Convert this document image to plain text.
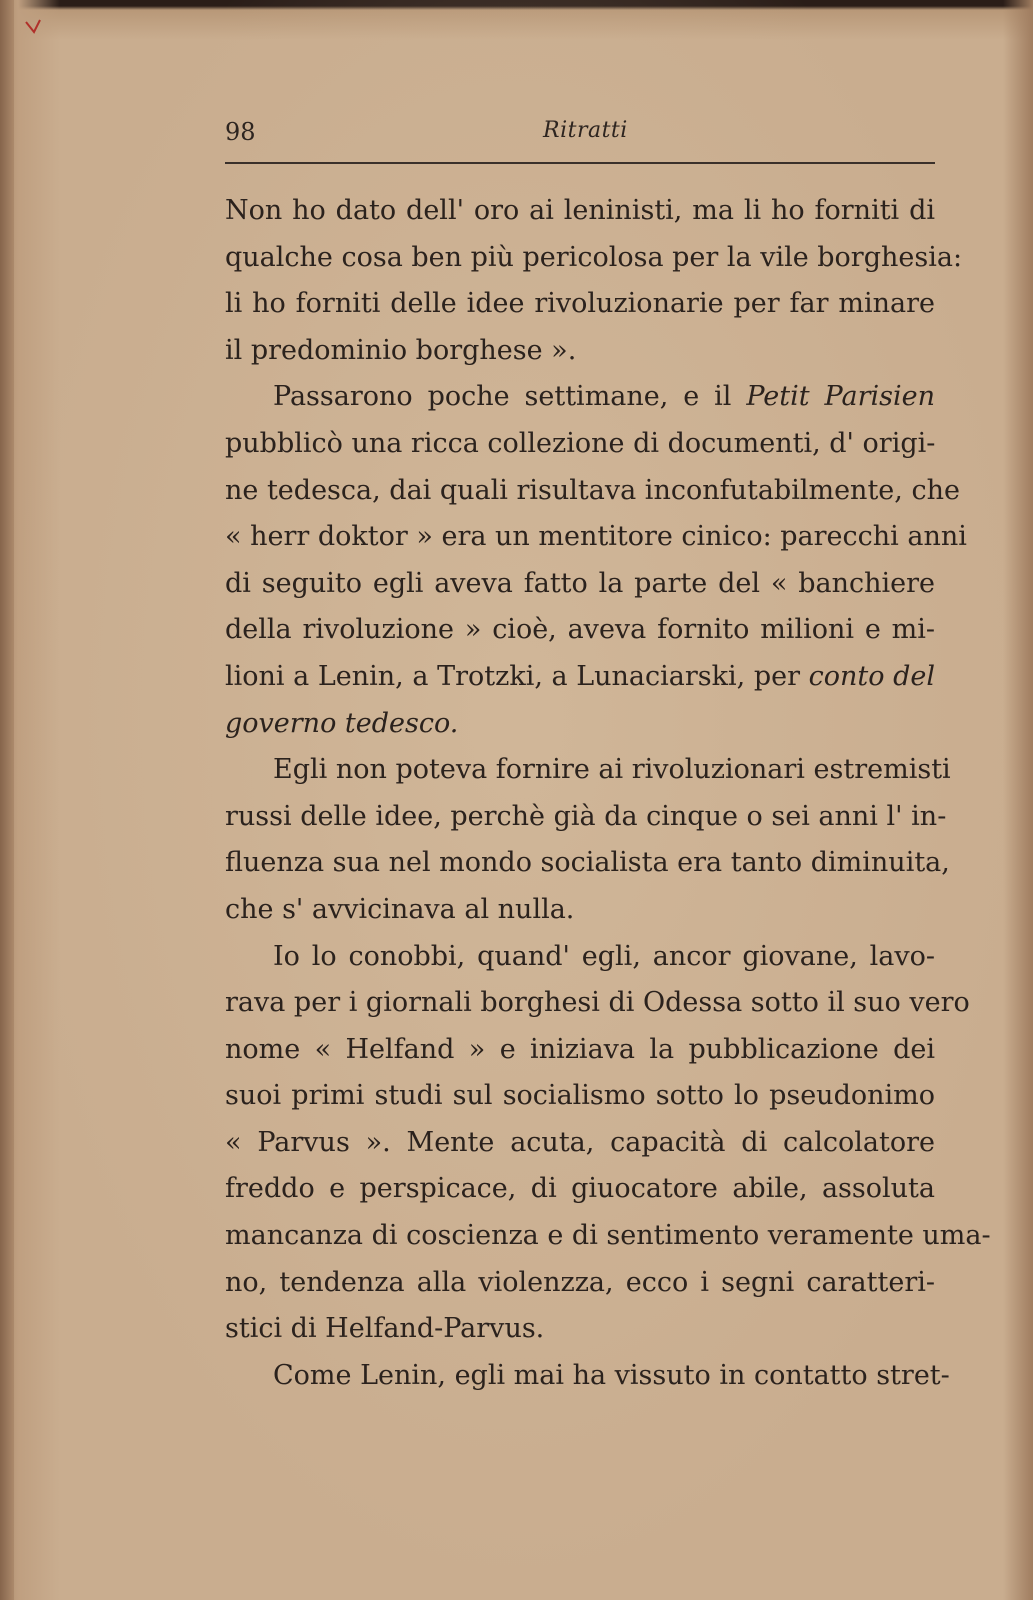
98	Ritratti
Non ho dato dell' oro ai leninisti, ma li ho forniti di
qualche cosa ben più pericolosa per la vile borghesia:
li ho forniti delle idee rivoluzionarie per far minare
il predominio borghese ».
Passarono poche settimane, e il Petit Parisien
pubblicò una ricca collezione di documenti, d' origi-
ne tedesca, dai quali risultava inconfutabilmente, che
« herr doktor » era un mentitore cinico: parecchi anni
di seguito egli aveva fatto la parte del « banchiere
della rivoluzione » cioè, aveva fornito milioni e mi-
lioni a Lenin, a Trotzki, a Lunaciarski, per conto del
governo tedesco.
Egli non poteva fornire ai rivoluzionari estremisti
russi delle idee, perchè già da cinque o sei anni l' in-
fluenza sua nel mondo socialista era tanto diminuita,
che s' avvicinava al nulla.
Io lo conobbi, quand' egli, ancor giovane, lavo-
rava per i giornali borghesi di Odessa sotto il suo vero
nome « Helfand » e iniziava la pubblicazione dei
suoi primi studi sul socialismo sotto lo pseudonimo
« Parvus ». Mente acuta, capacità di calcolatore
freddo e perspicace, di giuocatore abile, assoluta
mancanza di coscienza e di sentimento veramente uma-
no, tendenza alla violenzza, ecco i segni caratteri-
stici di Helfand-Parvus.
Come Lenin, egli mai ha vissuto in contatto stret-
